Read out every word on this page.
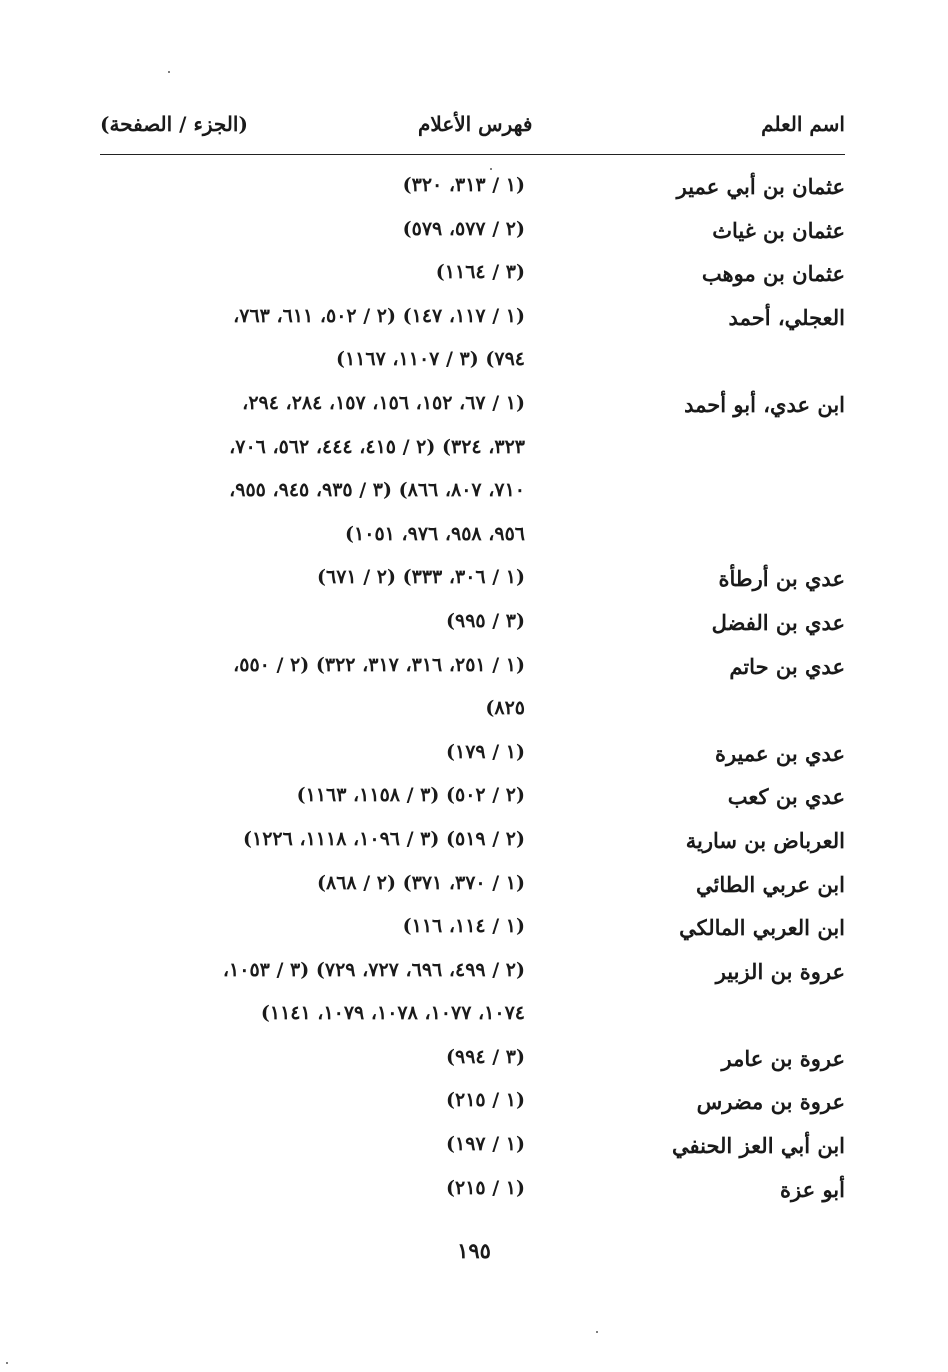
اسم العلم
فهرس الأعلام
(الجزء / الصفحة)
عثمان بن أبي عمير
(١ / ٣١٣، ٣٢٠)
عثمان بن غياث
(٢ / ٥٧٧، ٥٧٩)
عثمان بن موهب
(٣ / ١١٦٤)
العجلي، أحمد
(١ / ١١٧، ١٤٧) (٢ / ٥٠٢، ٦١١، ٧٦٣،
٧٩٤) (٣ / ١١٠٧، ١١٦٧)
ابن عدي، أبو أحمد
(١ / ٦٧، ١٥٢، ١٥٦، ١٥٧، ٢٨٤، ٢٩٤،
٣٢٣، ٣٢٤) (٢ / ٤١٥، ٤٤٤، ٥٦٢، ٧٠٦،
٧١٠، ٨٠٧، ٨٦٦) (٣ / ٩٣٥، ٩٤٥، ٩٥٥،
٩٥٦، ٩٥٨، ٩٧٦، ١٠٥١)
عدي بن أرطأة
(١ / ٣٠٦، ٣٣٣) (٢ / ٦٧١)
عدي بن الفضل
(٣ / ٩٩٥)
عدي بن حاتم
(١ / ٢٥١، ٣١٦، ٣١٧، ٣٢٢) (٢ / ٥٥٠،
٨٢٥)
عدي بن عميرة
(١ / ١٧٩)
عدي بن كعب
(٢ / ٥٠٢) (٣ / ١١٥٨، ١١٦٣)
العرباض بن سارية
(٢ / ٥١٩) (٣ / ١٠٩٦، ١١١٨، ١٢٢٦)
ابن عربي الطائي
(١ / ٣٧٠، ٣٧١) (٢ / ٨٦٨)
ابن العربي المالكي
(١ / ١١٤، ١١٦)
عروة بن الزبير
(٢ / ٤٩٩، ٦٩٦، ٧٢٧، ٧٢٩) (٣ / ١٠٥٣،
١٠٧٤، ١٠٧٧، ١٠٧٨، ١٠٧٩، ١١٤١)
عروة بن عامر
(٣ / ٩٩٤)
عروة بن مضرس
(١ / ٢١٥)
ابن أبي العز الحنفي
(١ / ١٩٧)
أبو عزة
(١ / ٢١٥)
١٩٥
